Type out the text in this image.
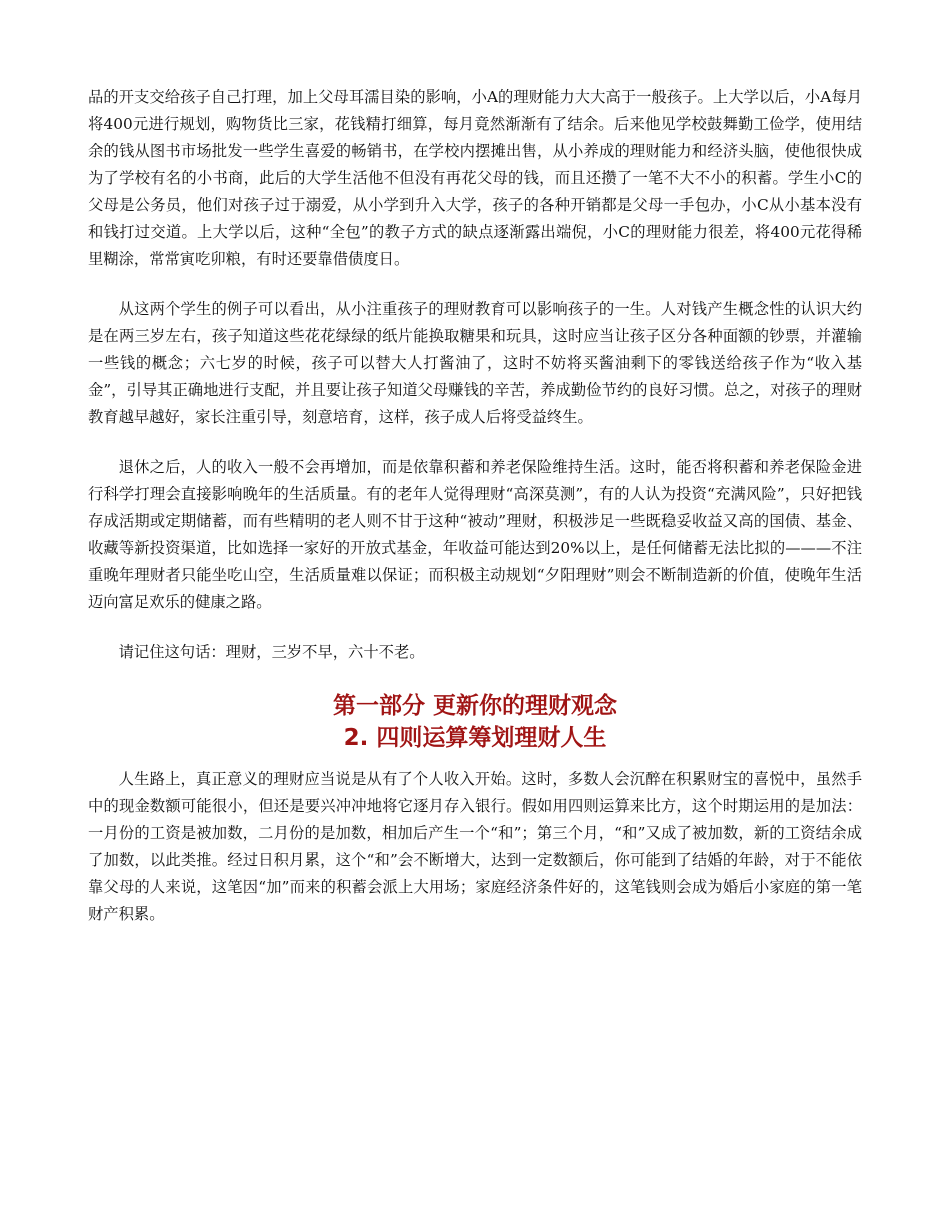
品的开支交给孩子自己打理，加上父母耳濡目染的影响，小A的理财能力大大高于一般孩子。上大学以后，小A每月将400元进行规划，购物货比三家，花钱精打细算，每月竟然渐渐有了结余。后来他见学校鼓舞勤工俭学，使用结余的钱从图书市场批发一些学生喜爱的畅销书，在学校内摆摊出售，从小养成的理财能力和经济头脑，使他很快成为了学校有名的小书商，此后的大学生活他不但没有再花父母的钱，而且还攒了一笔不大不小的积蓄。学生小C的父母是公务员，他们对孩子过于溺爱，从小学到升入大学，孩子的各种开销都是父母一手包办，小C从小基本没有和钱打过交道。上大学以后，这种“全包”的教子方式的缺点逐渐露出端倪，小C的理财能力很差，将400元花得稀里糊涂，常常寅吃卯粮，有时还要靠借债度日。

从这两个学生的例子可以看出，从小注重孩子的理财教育可以影响孩子的一生。人对钱产生概念性的认识大约是在两三岁左右，孩子知道这些花花绿绿的纸片能换取糖果和玩具，这时应当让孩子区分各种面额的钞票，并灌输一些钱的概念；六七岁的时候，孩子可以替大人打酱油了，这时不妨将买酱油剩下的零钱送给孩子作为“收入基金”，引导其正确地进行支配，并且要让孩子知道父母赚钱的辛苦，养成勤俭节约的良好习惯。总之，对孩子的理财教育越早越好，家长注重引导，刻意培育，这样，孩子成人后将受益终生。

退休之后，人的收入一般不会再增加，而是依靠积蓄和养老保险维持生活。这时，能否将积蓄和养老保险金进行科学打理会直接影响晚年的生活质量。有的老年人觉得理财“高深莫测”，有的人认为投资“充满风险”，只好把钱存成活期或定期储蓄，而有些精明的老人则不甘于这种“被动”理财，积极涉足一些既稳妥收益又高的国债、基金、收藏等新投资渠道，比如选择一家好的开放式基金，年收益可能达到20%以上，是任何储蓄无法比拟的———不注重晚年理财者只能坐吃山空，生活质量难以保证；而积极主动规划“夕阳理财”则会不断制造新的价值，使晚年生活迈向富足欢乐的健康之路。

请记住这句话：理财，三岁不早，六十不老。

第一部分 更新你的理财观念
2. 四则运算筹划理财人生

人生路上，真正意义的理财应当说是从有了个人收入开始。这时，多数人会沉醉在积累财宝的喜悦中，虽然手中的现金数额可能很小，但还是要兴冲冲地将它逐月存入银行。假如用四则运算来比方，这个时期运用的是加法：一月份的工资是被加数，二月份的是加数，相加后产生一个“和”；第三个月，“和”又成了被加数，新的工资结余成了加数，以此类推。经过日积月累，这个“和”会不断增大，达到一定数额后，你可能到了结婚的年龄，对于不能依靠父母的人来说，这笔因“加”而来的积蓄会派上大用场；家庭经济条件好的，这笔钱则会成为婚后小家庭的第一笔财产积累。
